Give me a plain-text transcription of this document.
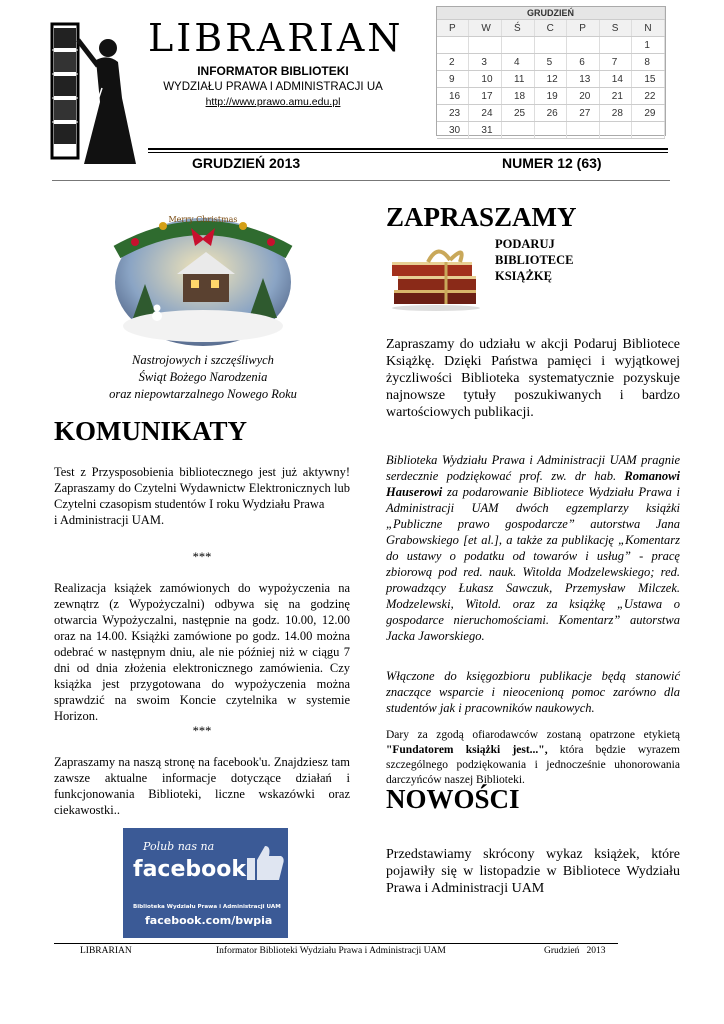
LIBRARIAN
INFORMATOR BIBLIOTEKI
WYDZIAŁU PRAWA I ADMINISTRACJI UA
http://www.prawo.amu.edu.pl
GRUDZIEŃ						
P	W	Ś	C	P	S	N
						1
2	3	4	5	6	7	8
9	10	11	12	13	14	15
16	17	18	19	20	21	22
23	24	25	26	27	28	29
30	31					
GRUDZIEŃ 2013	NUMER 12 (63)
Merry Christmas
Nastrojowych i szczęśliwych
Świąt Bożego Narodzenia
oraz niepowtarzalnego Nowego Roku
KOMUNIKATY
Test z Przysposobienia bibliotecznego jest już aktywny! Zapraszamy do Czytelni Wydawnictw Elektronicznych lub Czytelni czasopism studentów I roku Wydziału Prawa
i Administracji UAM.
***
Realizacja książek zamówionych do wypożyczenia na zewnątrz (z Wypożyczalni) odbywa się na godzinę otwarcia Wypożyczalni, następnie na godz. 10.00, 12.00 oraz na 14.00. Książki zamówione po godz. 14.00 można odebrać w następnym dniu, ale nie później niż w ciągu 7 dni od dnia złożenia elektronicznego zamówienia. Czy książka jest przygotowana do wypożyczenia można sprawdzić na swoim Koncie czytelnika w systemie Horizon.
***
Zapraszamy na naszą stronę na facebook'u. Znajdziesz tam zawsze aktualne informacje dotyczące działań i funkcjonowania Biblioteki, liczne wskazówki oraz ciekawostki..
Polub nas na
facebook
Biblioteka Wydziału Prawa i Administracji UAM
facebook.com/bwpia
ZAPRASZAMY
PODARUJ
BIBLIOTECE
KSIĄŻKĘ
Zapraszamy do udziału w akcji Podaruj Bibliotece Książkę. Dzięki Państwa pamięci i wyjątkowej życzliwości Biblioteka systematycznie pozyskuje najnowsze tytuły poszukiwanych i bardzo wartościowych publikacji.
Biblioteka Wydziału Prawa i Administracji UAM pragnie serdecznie podziękować prof. zw. dr hab. Romanowi Hauserowi za podarowanie Bibliotece Wydziału Prawa i Administracji UAM dwóch egzemplarzy książki „Publiczne prawo gospodarcze” autorstwa Jana Grabowskiego [et al.], a także za publikację „Komentarz do ustawy o podatku od towarów i usług” - pracę zbiorową pod red. nauk. Witolda Modzelewskiego; red. prowadzący Łukasz Sawczuk, Przemysław Milczek. Modzelewski, Witold. oraz za książkę „Ustawa o gospodarce nieruchomościami. Komentarz” autorstwa Jacka Jaworskiego.
Włączone do księgozbioru publikacje będą stanowić znaczące wsparcie i nieocenioną pomoc zarówno dla studentów jak i pracowników naukowych.
Dary za zgodą ofiarodawców zostaną opatrzone etykietą "Fundatorem książki jest...", która będzie wyrazem szczególnego podziękowania i jednocześnie uhonorowania darczyńców naszej Biblioteki.
NOWOŚCI
Przedstawiamy skrócony wykaz książek, które pojawiły się w listopadzie w Bibliotece Wydziału Prawa i Administracji UAM
LIBRARIAN	Informator Biblioteki Wydziału Prawa i Administracji UAM	Grudzień   2013
